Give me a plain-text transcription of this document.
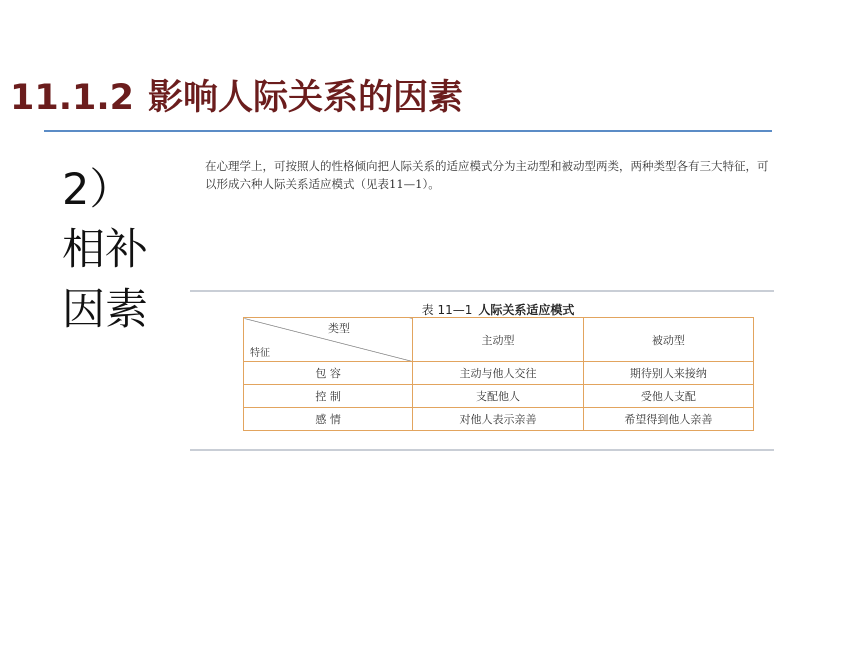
11.1.2 影响人际关系的因素
2）
相补
因素

在心理学上，可按照人的性格倾向把人际关系的适应模式分为主动型和被动型两类，两种类型各有三大特征，可以形成六种人际关系适应模式（见表11—1）。

表 11—1 人际关系适应模式
类型
特征	主动型	被动型
包 容	主动与他人交往	期待别人来接纳
控 制	支配他人	受他人支配
感 情	对他人表示亲善	希望得到他人亲善
